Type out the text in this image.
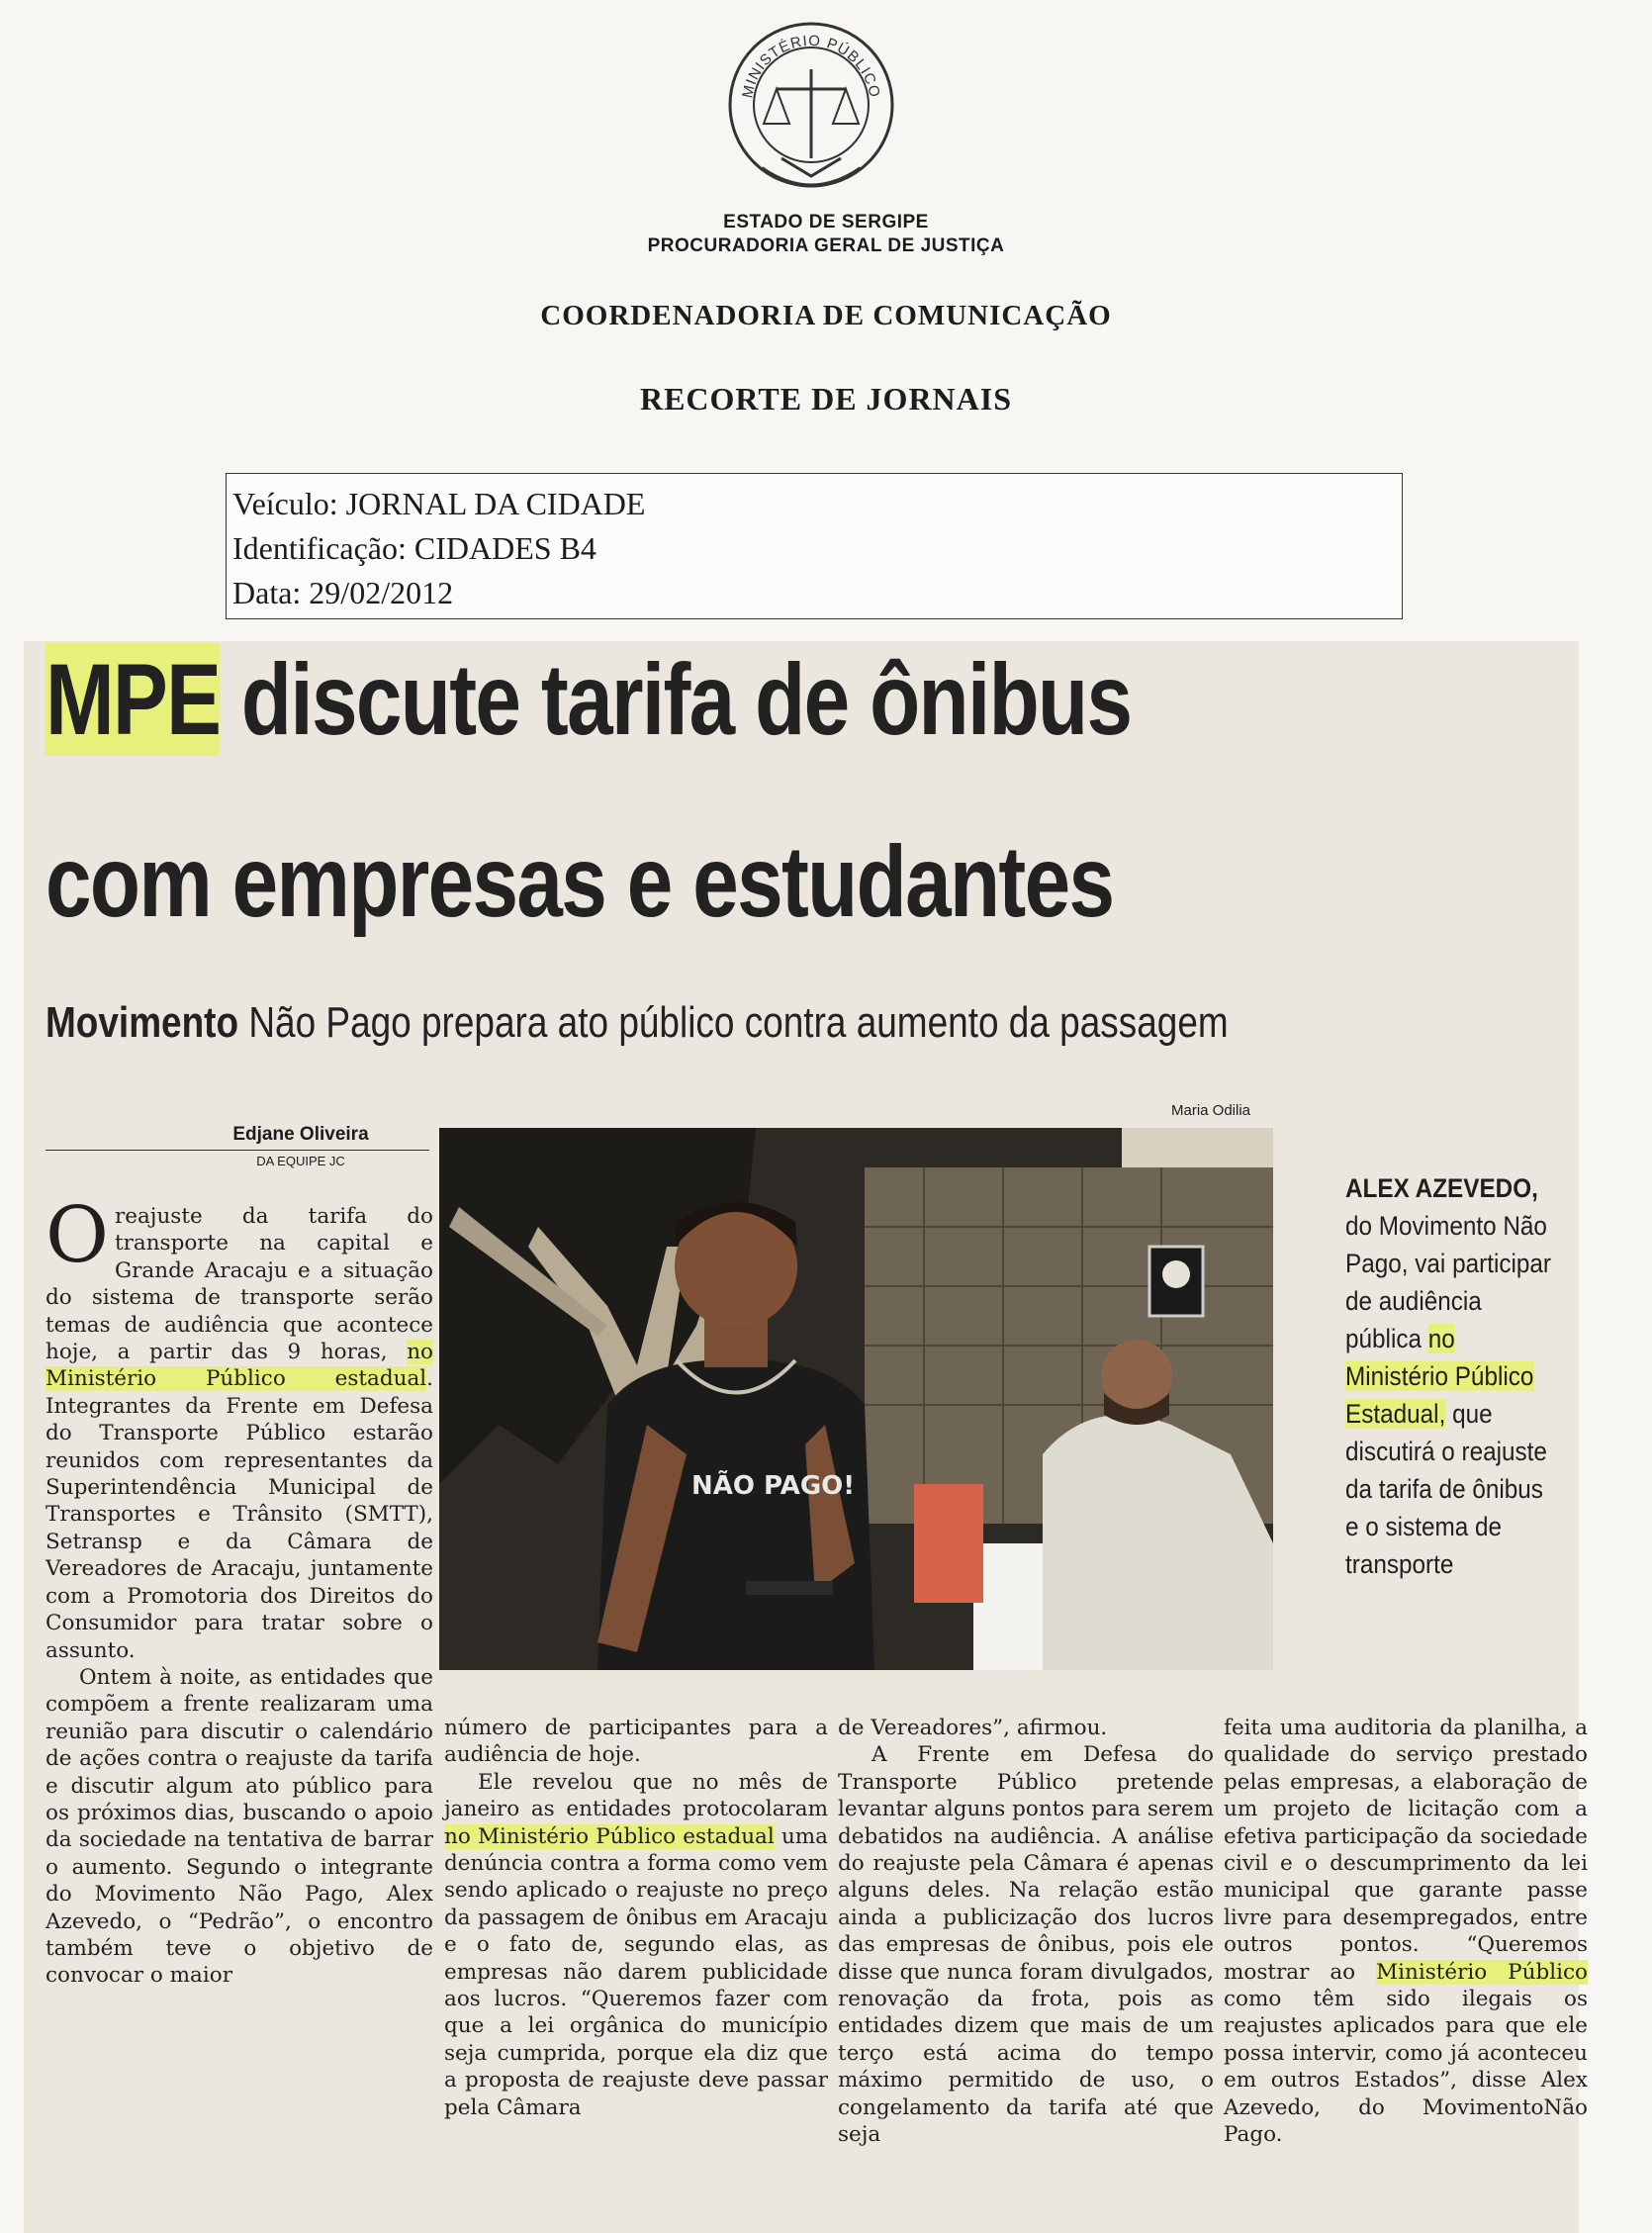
MINISTÉRIO PÚBLICO
ESTADO DE SERGIPE
PROCURADORIA GERAL DE JUSTIÇA
COORDENADORIA DE COMUNICAÇÃO
RECORTE DE JORNAIS
Veículo: JORNAL DA CIDADE
Identificação: CIDADES B4
Data: 29/02/2012
MPE discute tarifa de ônibus
com empresas e estudantes
Movimento Não Pago prepara ato público contra aumento da passagem
Edjane Oliveira
DA EQUIPE JC
Maria Odilia
NÃO PAGO!
ALEX AZEVEDO, do Movimento Não Pago, vai participar de audiência pública no Ministério Público Estadual, que discutirá o reajuste da tarifa de ônibus e o sistema de transporte

Oreajuste da tarifa do transporte na capital e Grande Aracaju e a situação do sistema de transporte serão temas de audiência que acontece hoje, a partir das 9 horas, no Ministério Público estadual. Integrantes da Frente em Defesa do Transporte Público estarão reunidos com representantes da Superintendência Municipal de Transportes e Trânsito (SMTT), Setransp e da Câmara de Vereadores de Aracaju, juntamente com a Promotoria dos Direitos do Consumidor para tratar sobre o assunto.

Ontem à noite, as entidades que compõem a frente realizaram uma reunião para discutir o calendário de ações contra o reajuste da tarifa e discutir algum ato público para os próximos dias, buscando o apoio da sociedade na tentativa de barrar o aumento. Segundo o integrante do Movimento Não Pago, Alex Azevedo, o “Pedrão”, o encontro também teve o objetivo de convocar o maior

número de participantes para a audiência de hoje.

Ele revelou que no mês de janeiro as entidades protocolaram no Ministério Público estadual uma denúncia contra a forma como vem sendo aplicado o reajuste no preço da passagem de ônibus em Aracaju e o fato de, segundo elas, as empresas não darem publicidade aos lucros. “Queremos fazer com que a lei orgânica do município seja cumprida, porque ela diz que a proposta de reajuste deve passar pela Câmara

de Vereadores”, afirmou.

A Frente em Defesa do Transporte Público pretende levantar alguns pontos para serem debatidos na audiência. A análise do reajuste pela Câmara é apenas alguns deles. Na relação estão ainda a publicização dos lucros das empresas de ônibus, pois ele disse que nunca foram divulgados, renovação da frota, pois as entidades dizem que mais de um terço está acima do tempo máximo permitido de uso, o congelamento da tarifa até que seja

feita uma auditoria da planilha, a qualidade do serviço prestado pelas empresas, a elaboração de um projeto de licitação com a efetiva participação da sociedade civil e o descumprimento da lei municipal que garante passe livre para desempregados, entre outros pontos. “Queremos mostrar ao Ministério Público como têm sido ilegais os reajustes aplicados para que ele possa intervir, como já aconteceu em outros Estados”, disse Alex Azevedo, do MovimentoNão Pago.
